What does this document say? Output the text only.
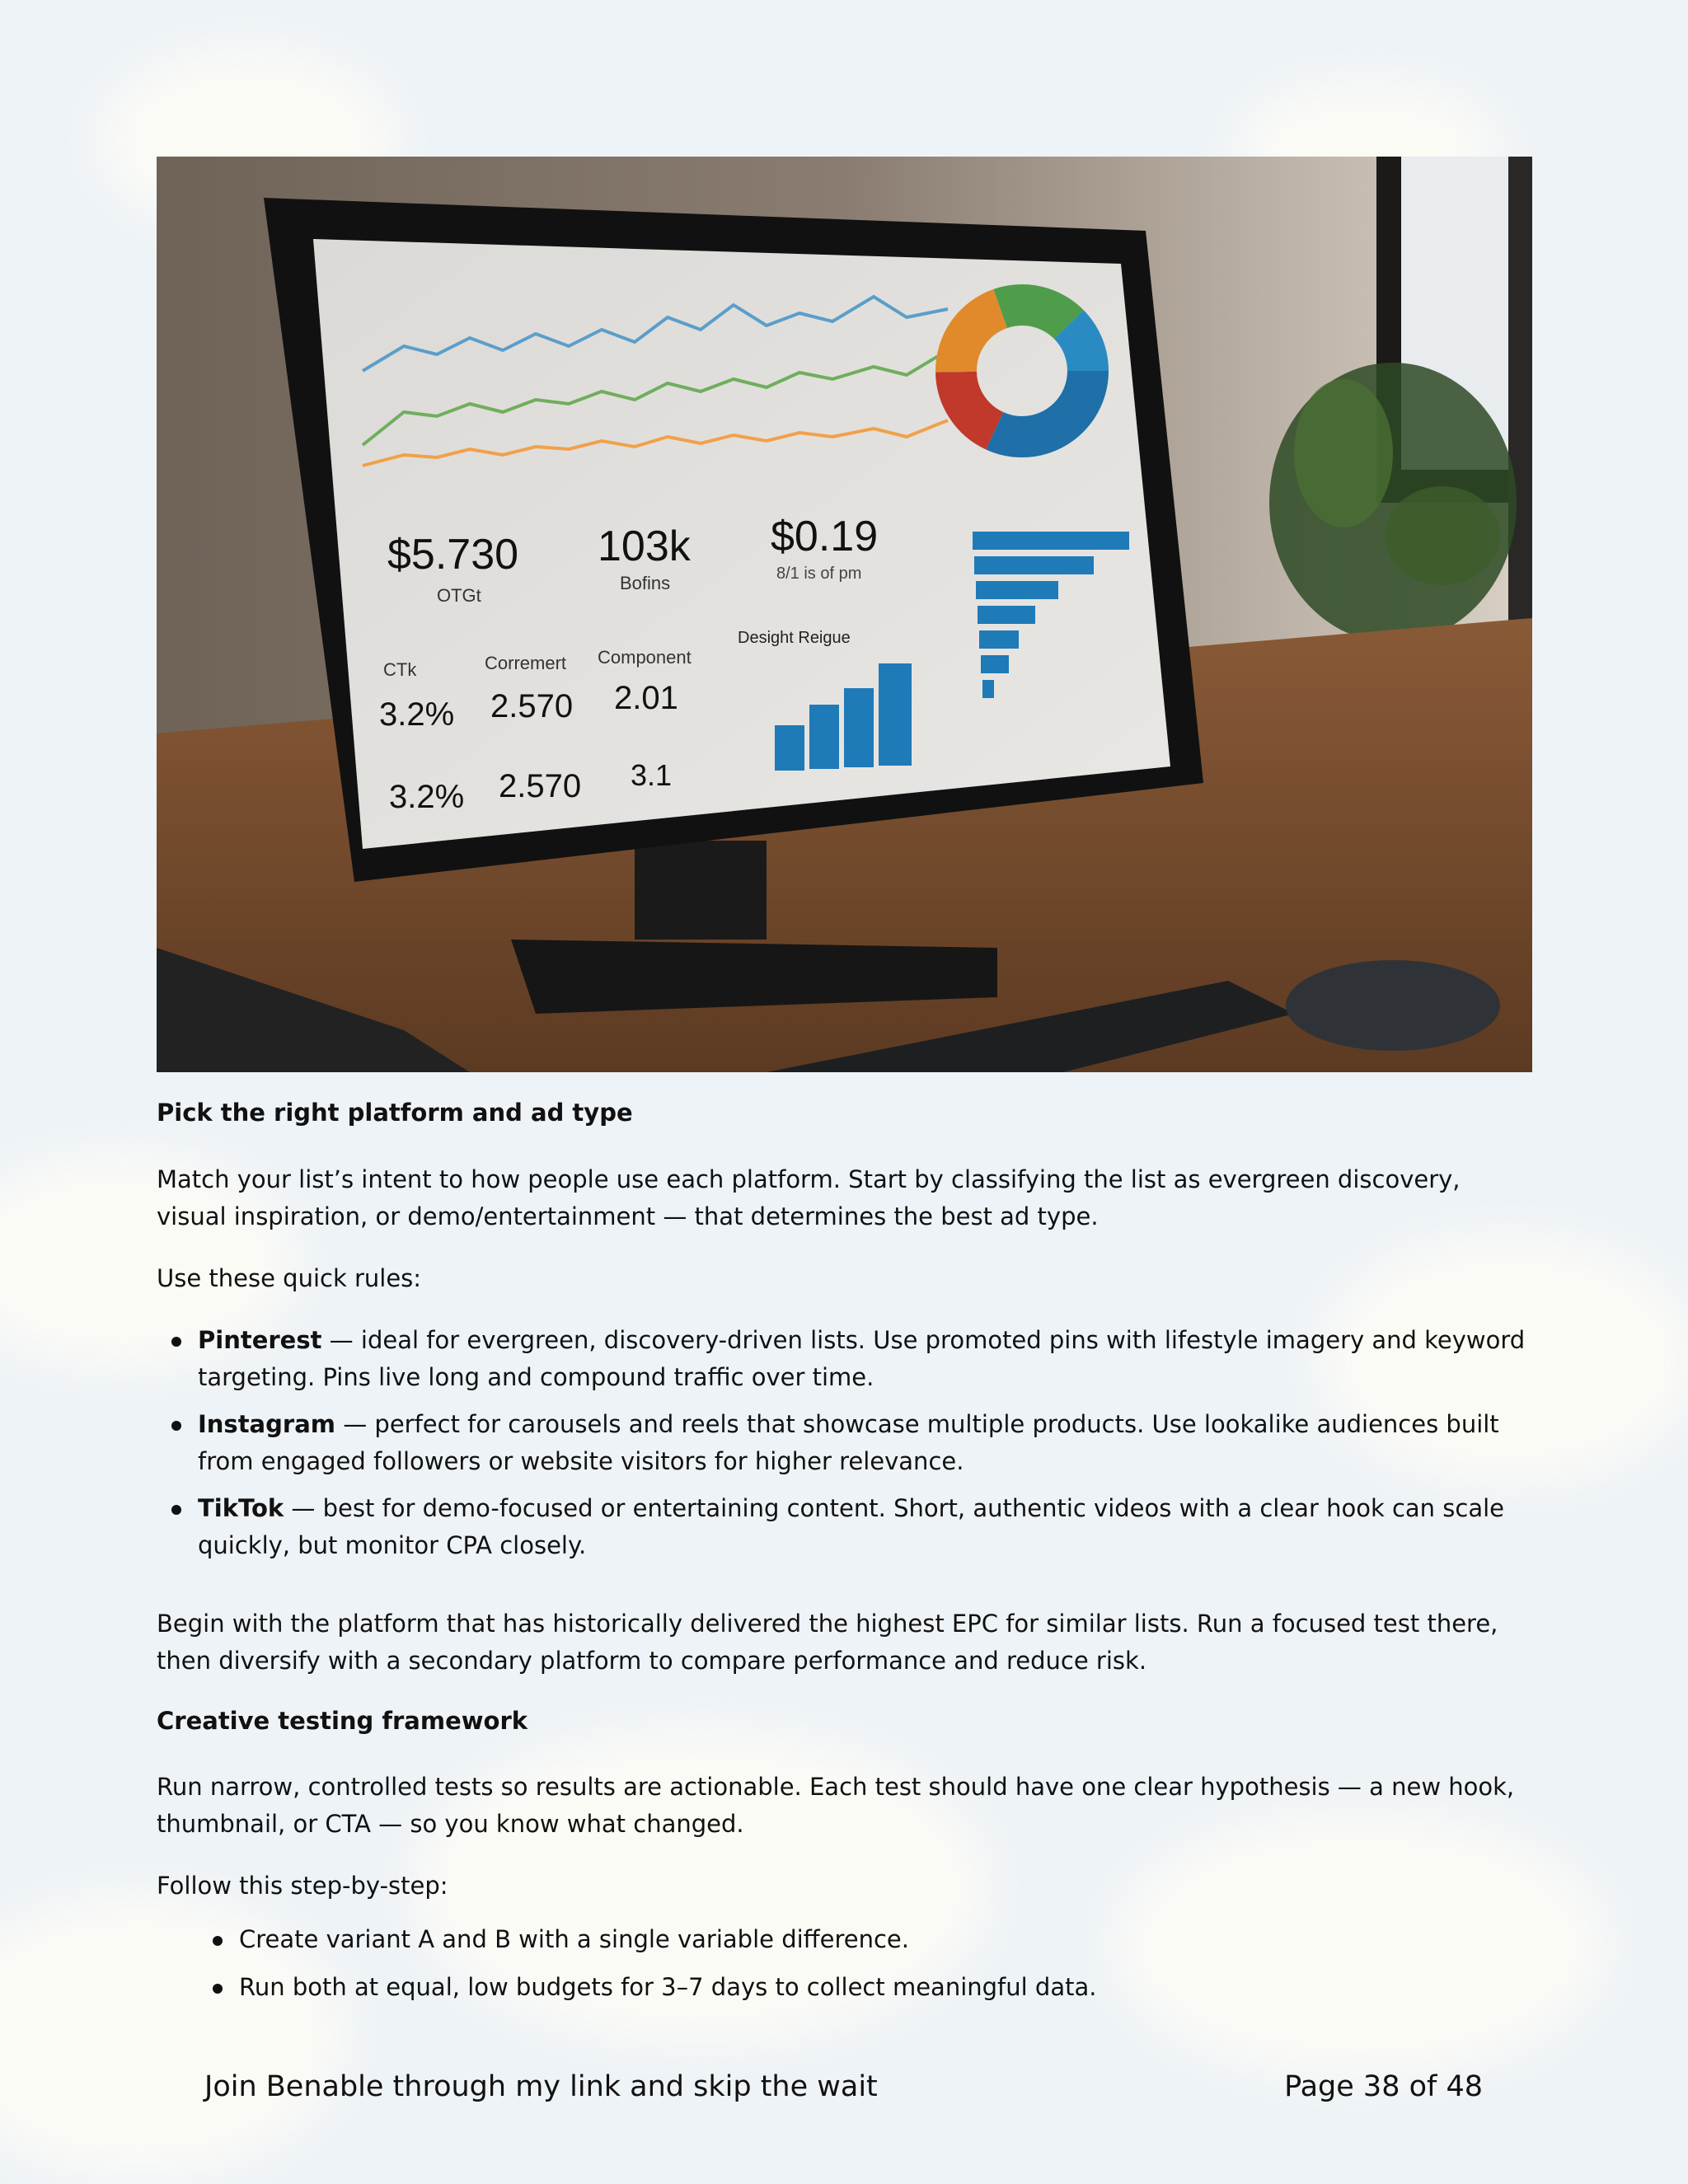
$5.730
OTGt
103k
Bofins
$0.19
8/1 is of pm
CTk	Corremert Component
3.2% 2.570 2.01
3.2% 2.570 3.1
Desight Reigue
Pick the right platform and ad type

Match your list’s intent to how people use each platform. Start by classifying the list as evergreen discovery, visual inspiration, or demo/entertainment — that determines the best ad type.

Use these quick rules:

Pinterest — ideal for evergreen, discovery-driven lists. Use promoted pins with lifestyle imagery and keyword targeting. Pins live long and compound traffic over time.
Instagram — perfect for carousels and reels that showcase multiple products. Use lookalike audiences built from engaged followers or website visitors for higher relevance.
TikTok — best for demo-focused or entertaining content. Short, authentic videos with a clear hook can scale quickly, but monitor CPA closely.

Begin with the platform that has historically delivered the highest EPC for similar lists. Run a focused test there, then diversify with a secondary platform to compare performance and reduce risk.

Creative testing framework

Run narrow, controlled tests so results are actionable. Each test should have one clear hypothesis — a new hook, thumbnail, or CTA — so you know what changed.

Follow this step-by-step:

Create variant A and B with a single variable difference.
Run both at equal, low budgets for 3–7 days to collect meaningful data.
Join Benable through my link and skip the wait	Page 38 of 48
